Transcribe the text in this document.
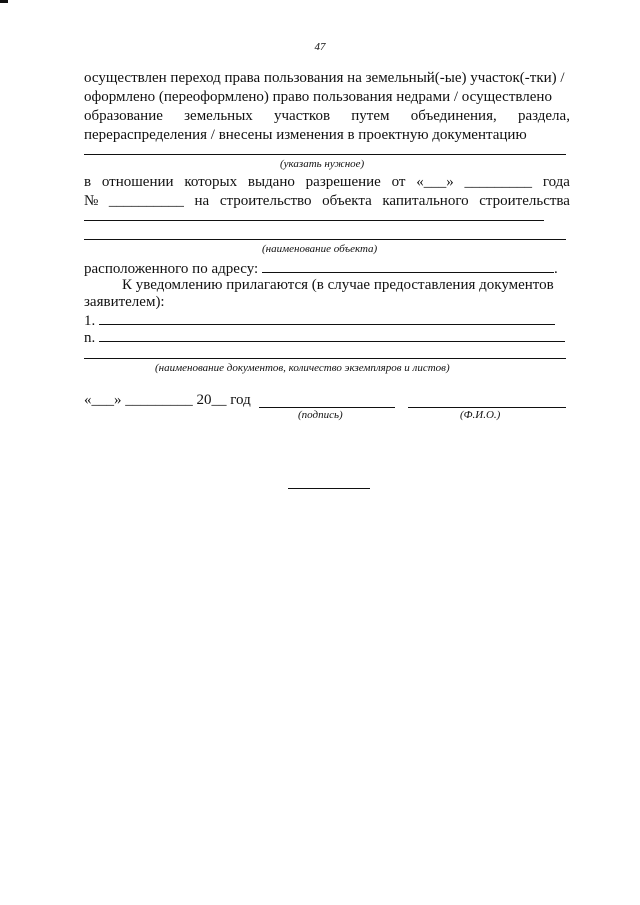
47
осуществлен переход права пользования на земельный(-ые) участок(-тки) /
оформлено (переоформлено) право пользования недрами / осуществлено
образование земельных участков путем объединения, раздела,
перераспределения / внесены изменения в проектную документацию
(указать нужное)
в отношении которых выдано разрешение от «___» _________ года
№ __________ на строительство объекта капитального строительства
(наименование объекта)
расположенного по адресу:	.
К уведомлению прилагаются (в случае предоставления документов
заявителем):
1.
n.
(наименование документов, количество экземпляров и листов)
«___» _________ 20__ год
(подпись)	(Ф.И.О.)
